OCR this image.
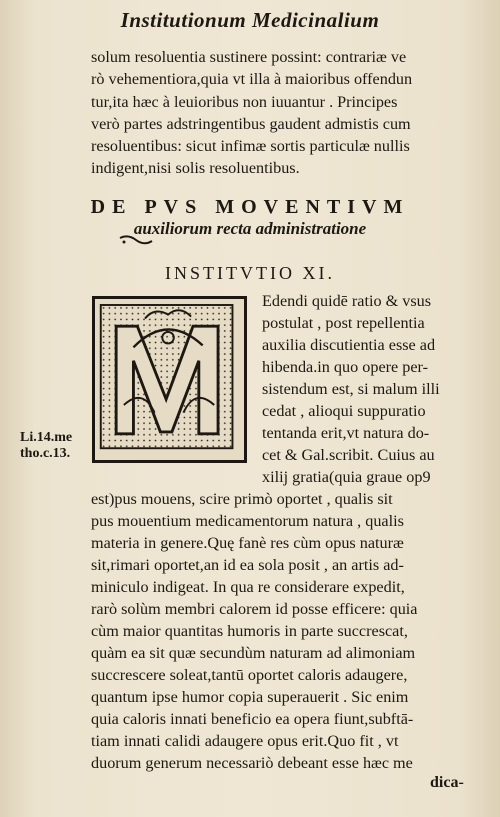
Institutionum Medicinalium
solum resoluentia sustinere possint: contrariæ ve
rò vehementiora,quia vt illa à maioribus offendun
tur,ita hæc à leuioribus non iuuantur . Principes
verò partes adstringentibus gaudent admistis cum
resoluentibus: sicut infimæ sortis particulæ nullis
indigent,nisi solis resoluentibus.
DE PVS MOVENTIVM
auxiliorum recta administratione
INSTITVTIO XI.
Edendi quidē ratio & vsus
postulat , post repellentia
auxilia discutientia esse ad
hibenda.in quo opere per-
sistendum est, si malum illi
cedat , alioqui suppuratio
tentanda erit,vt natura do-
cet & Gal.scribit. Cuius au
xilij gratia(quia graue op9
Li.14.me
tho.c.13.
est)pus mouens, scire primò oportet , qualis sit
pus mouentium medicamentorum natura , qualis
materia in genere.Quę fanè res cùm opus naturæ
sit,rimari oportet,an id ea sola posit , an artis ad-
miniculo indigeat. In qua re considerare expedit,
rarò solùm membri calorem id posse efficere: quia
cùm maior quantitas humoris in parte succrescat,
quàm ea sit quæ secundùm naturam ad alimoniam
succrescere soleat,tantū oportet caloris adaugere,
quantum ipse humor copia superauerit . Sic enim
quia caloris innati beneficio ea opera fiunt,subftā-
tiam innati calidi adaugere opus erit.Quo fit , vt
duorum generum necessariò debeant esse hæc me
dica-
